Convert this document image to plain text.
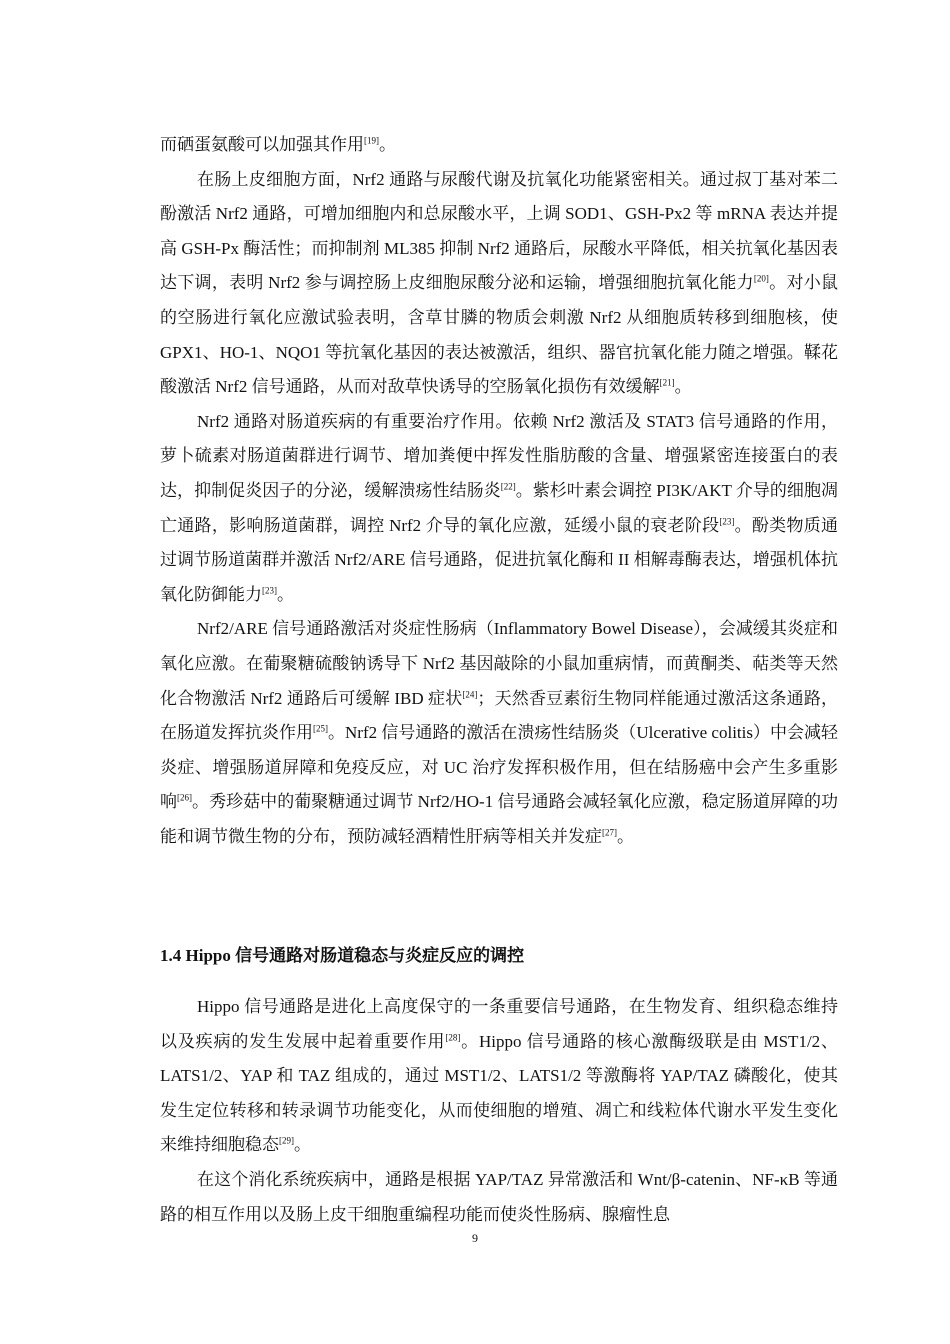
而硒蛋氨酸可以加强其作用[19]。

在肠上皮细胞方面，Nrf2 通路与尿酸代谢及抗氧化功能紧密相关。通过叔丁基对苯二酚激活 Nrf2 通路，可增加细胞内和总尿酸水平，上调 SOD1、GSH-Px2 等 mRNA 表达并提高 GSH-Px 酶活性；而抑制剂 ML385 抑制 Nrf2 通路后，尿酸水平降低，相关抗氧化基因表达下调，表明 Nrf2 参与调控肠上皮细胞尿酸分泌和运输，增强细胞抗氧化能力[20]。对小鼠的空肠进行氧化应激试验表明，含草甘膦的物质会刺激 Nrf2 从细胞质转移到细胞核，使 GPX1、HO-1、NQO1 等抗氧化基因的表达被激活，组织、器官抗氧化能力随之增强。鞣花酸激活 Nrf2 信号通路，从而对敌草快诱导的空肠氧化损伤有效缓解[21]。

Nrf2 通路对肠道疾病的有重要治疗作用。依赖 Nrf2 激活及 STAT3 信号通路的作用，萝卜硫素对肠道菌群进行调节、增加粪便中挥发性脂肪酸的含量、增强紧密连接蛋白的表达，抑制促炎因子的分泌，缓解溃疡性结肠炎[22]。紫杉叶素会调控 PI3K/AKT 介导的细胞凋亡通路，影响肠道菌群，调控 Nrf2 介导的氧化应激，延缓小鼠的衰老阶段[23]。酚类物质通过调节肠道菌群并激活 Nrf2/ARE 信号通路，促进抗氧化酶和 II 相解毒酶表达，增强机体抗氧化防御能力[23]。

Nrf2/ARE 信号通路激活对炎症性肠病（Inflammatory Bowel Disease），会减缓其炎症和氧化应激。在葡聚糖硫酸钠诱导下 Nrf2 基因敲除的小鼠加重病情，而黄酮类、萜类等天然化合物激活 Nrf2 通路后可缓解 IBD 症状[24]；天然香豆素衍生物同样能通过激活这条通路，在肠道发挥抗炎作用[25]。Nrf2 信号通路的激活在溃疡性结肠炎（Ulcerative colitis）中会减轻炎症、增强肠道屏障和免疫反应，对 UC 治疗发挥积极作用，但在结肠癌中会产生多重影响[26]。秀珍菇中的葡聚糖通过调节 Nrf2/HO-1 信号通路会减轻氧化应激，稳定肠道屏障的功能和调节微生物的分布，预防减轻酒精性肝病等相关并发症[27]。

1.4 Hippo 信号通路对肠道稳态与炎症反应的调控

Hippo 信号通路是进化上高度保守的一条重要信号通路，在生物发育、组织稳态维持以及疾病的发生发展中起着重要作用[28]。Hippo 信号通路的核心激酶级联是由 MST1/2、LATS1/2、YAP 和 TAZ 组成的，通过 MST1/2、LATS1/2 等激酶将 YAP/TAZ 磷酸化，使其发生定位转移和转录调节功能变化，从而使细胞的增殖、凋亡和线粒体代谢水平发生变化来维持细胞稳态[29]。

在这个消化系统疾病中，通路是根据 YAP/TAZ 异常激活和 Wnt/β-catenin、NF-κB 等通路的相互作用以及肠上皮干细胞重编程功能而使炎性肠病、腺瘤性息

9
